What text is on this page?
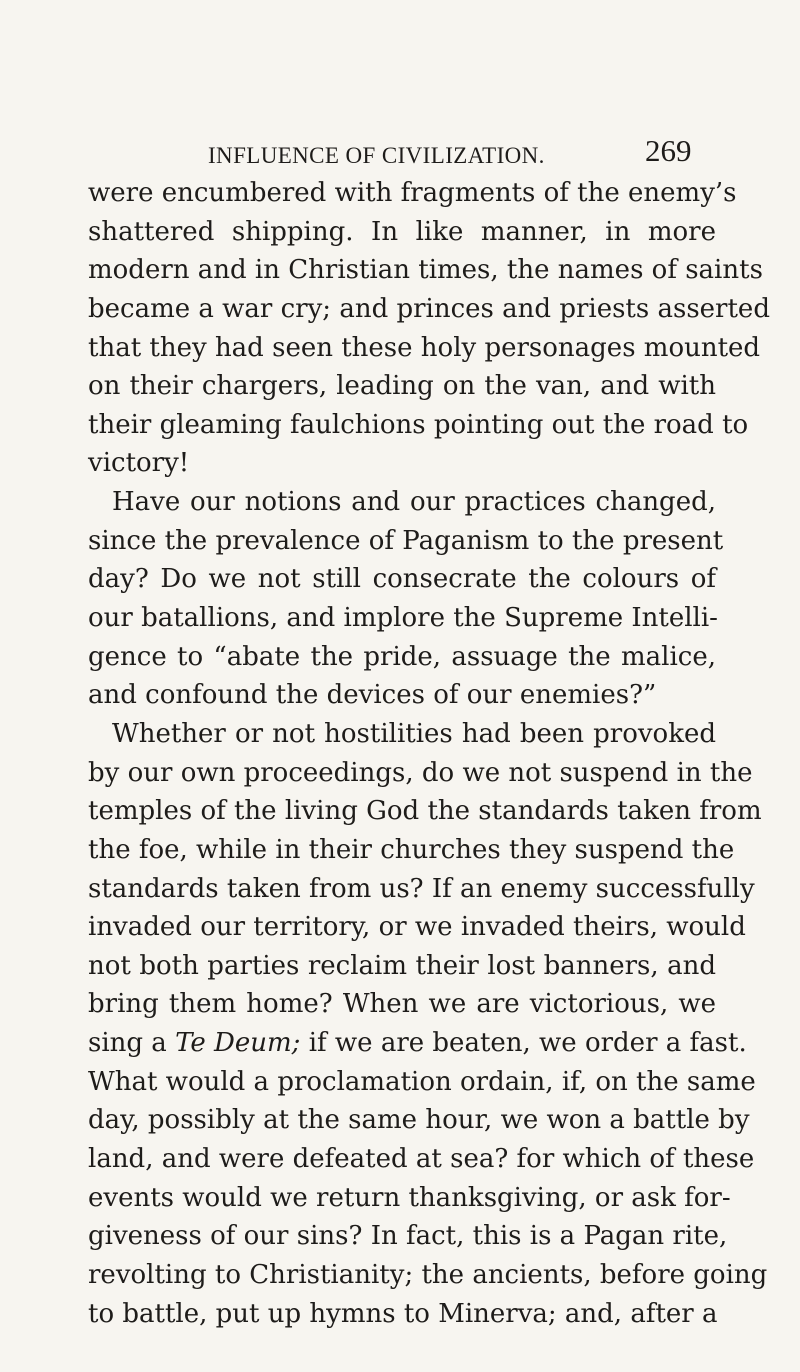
INFLUENCE OF CIVILIZATION.	269
were encumbered with fragments of the enemy’s
shattered shipping. In like manner, in more
modern and in Christian times, the names of saints
became a war cry; and princes and priests asserted
that they had seen these holy personages mounted
on their chargers, leading on the van, and with
their gleaming faulchions pointing out the road to
victory!
Have our notions and our practices changed,
since the prevalence of Paganism to the present
day? Do we not still consecrate the colours of
our batallions, and implore the Supreme Intelli-
gence to “abate the pride, assuage the malice,
and confound the devices of our enemies?”
Whether or not hostilities had been provoked
by our own proceedings, do we not suspend in the
temples of the living God the standards taken from
the foe, while in their churches they suspend the
standards taken from us? If an enemy successfully
invaded our territory, or we invaded theirs, would
not both parties reclaim their lost banners, and
bring them home? When we are victorious, we
sing a Te Deum; if we are beaten, we order a fast.
What would a proclamation ordain, if, on the same
day, possibly at the same hour, we won a battle by
land, and were defeated at sea? for which of these
events would we return thanksgiving, or ask for-
giveness of our sins? In fact, this is a Pagan rite,
revolting to Christianity; the ancients, before going
to battle, put up hymns to Minerva; and, after a
